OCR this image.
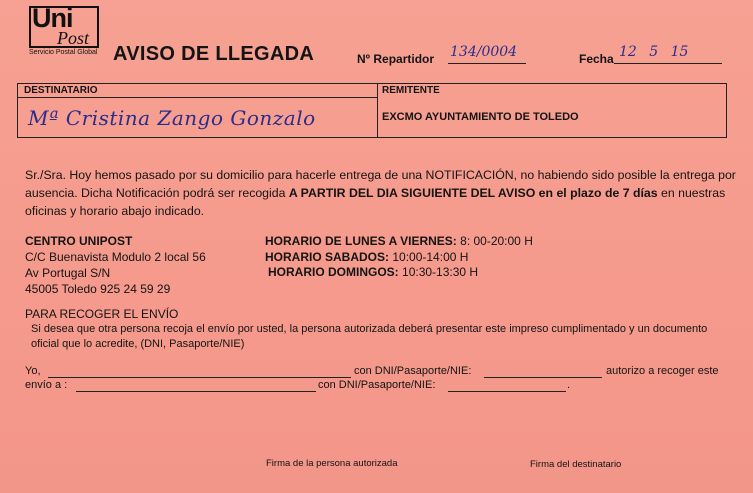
Uni
Post
Servicio Postal Global AVISO DE LLEGADA	Nº Repartidor 134/0004	Fecha 12 5 15
DESTINATARIO
Mª Cristina Zango Gonzalo
REMITENTE
EXCMO AYUNTAMIENTO DE TOLEDO
Sr./Sra. Hoy hemos pasado por su domicilio para hacerle entrega de una NOTIFICACIÓN, no habiendo sido posible la entrega por ausencia. Dicha Notificación podrá ser recogida A PARTIR DEL DIA SIGUIENTE DEL AVISO en el plazo de 7 días en nuestras oficinas y horario abajo indicado.
CENTRO UNIPOST
C/C Buenavista Modulo 2 local 56
Av Portugal S/N
45005 Toledo 925 24 59 29
HORARIO DE LUNES A VIERNES: 8: 00-20:00 H
HORARIO SABADOS: 10:00-14:00 H
HORARIO DOMINGOS: 10:30-13:30 H
PARA RECOGER EL ENVÍO
Si desea que otra persona recoja el envío por usted, la persona autorizada deberá presentar este impreso cumplimentado y un documento oficial que lo acredite, (DNI, Pasaporte/NIE)
Yo,	con DNI/Pasaporte/NIE:	autorizo a recoger este
envío a :	con DNI/Pasaporte/NIE:	.
Firma de la persona autorizada	Firma del destinatario
